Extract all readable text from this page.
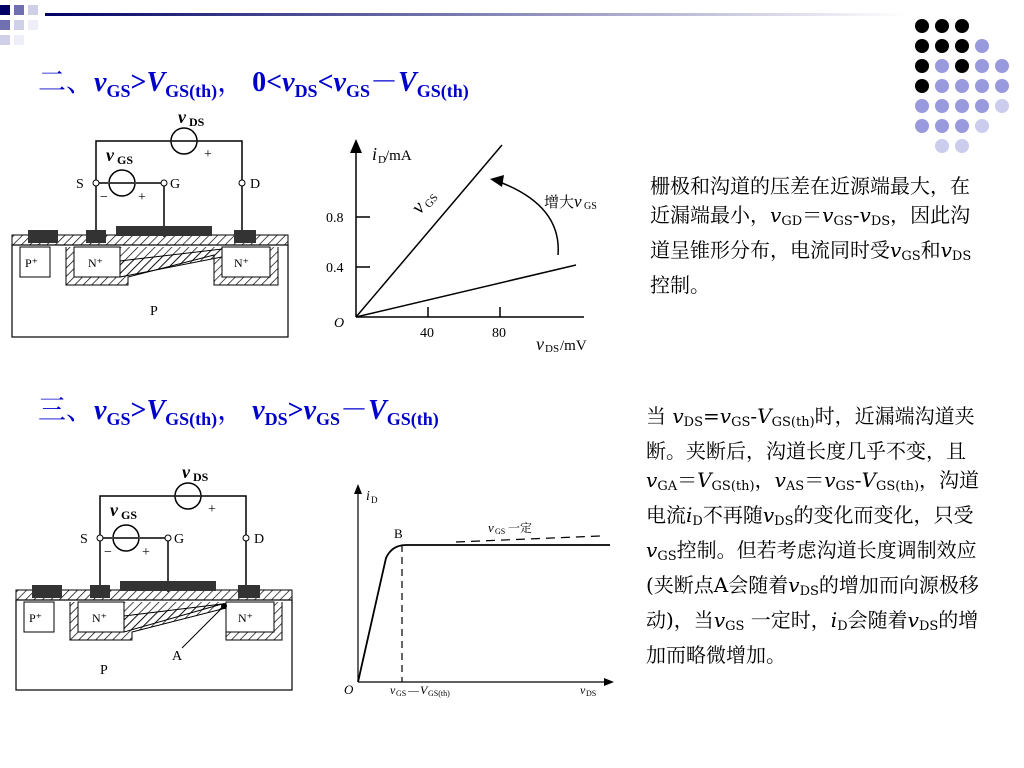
二、$v_{GS}>V_{GS(th)}$， $0<v_{DS}<v_{GS}-V_{GS(th)}$
v DS
+
v GS
− +
S	G	D
P⁺	N⁺	N⁺
P
i D /mA
0.8
0.4
40	80
O
v DS /mV
v
GS	增大 v GS
栅极和沟道的压差在近源端最大，在近漏端最小，$v_{GD}=v_{GS}-v_{DS}$，因此沟道呈锥形分布，电流同时受$v_{GS}$和$v_{DS}$控制。
三、$v_{GS}>V_{GS(th)}$， $v_{DS}>v_{GS}-V_{GS(th)}$
v DS
+
v GS
− +
S	G	D
P⁺	N⁺	N⁺
P
A
i D
B	v GS 一定
O	v GS — V GS(th)	v DS
当 $v_{DS}=v_{GS}-V_{GS(th)}$时，近漏端沟道夹断。夹断后，沟道长度几乎不变，且$v_{GA}=V_{GS(th)}$，$v_{AS}=v_{GS}-V_{GS(th)}$，沟道电流$i_D$不再随$v_{DS}$的变化而变化，只受$v_{GS}$控制。但若考虑沟道长度调制效应(夹断点A会随着$v_{DS}$的增加而向源极移动)，当$v_{GS}$ 一定时，$i_D$会随着$v_{DS}$的增加而略微增加。
